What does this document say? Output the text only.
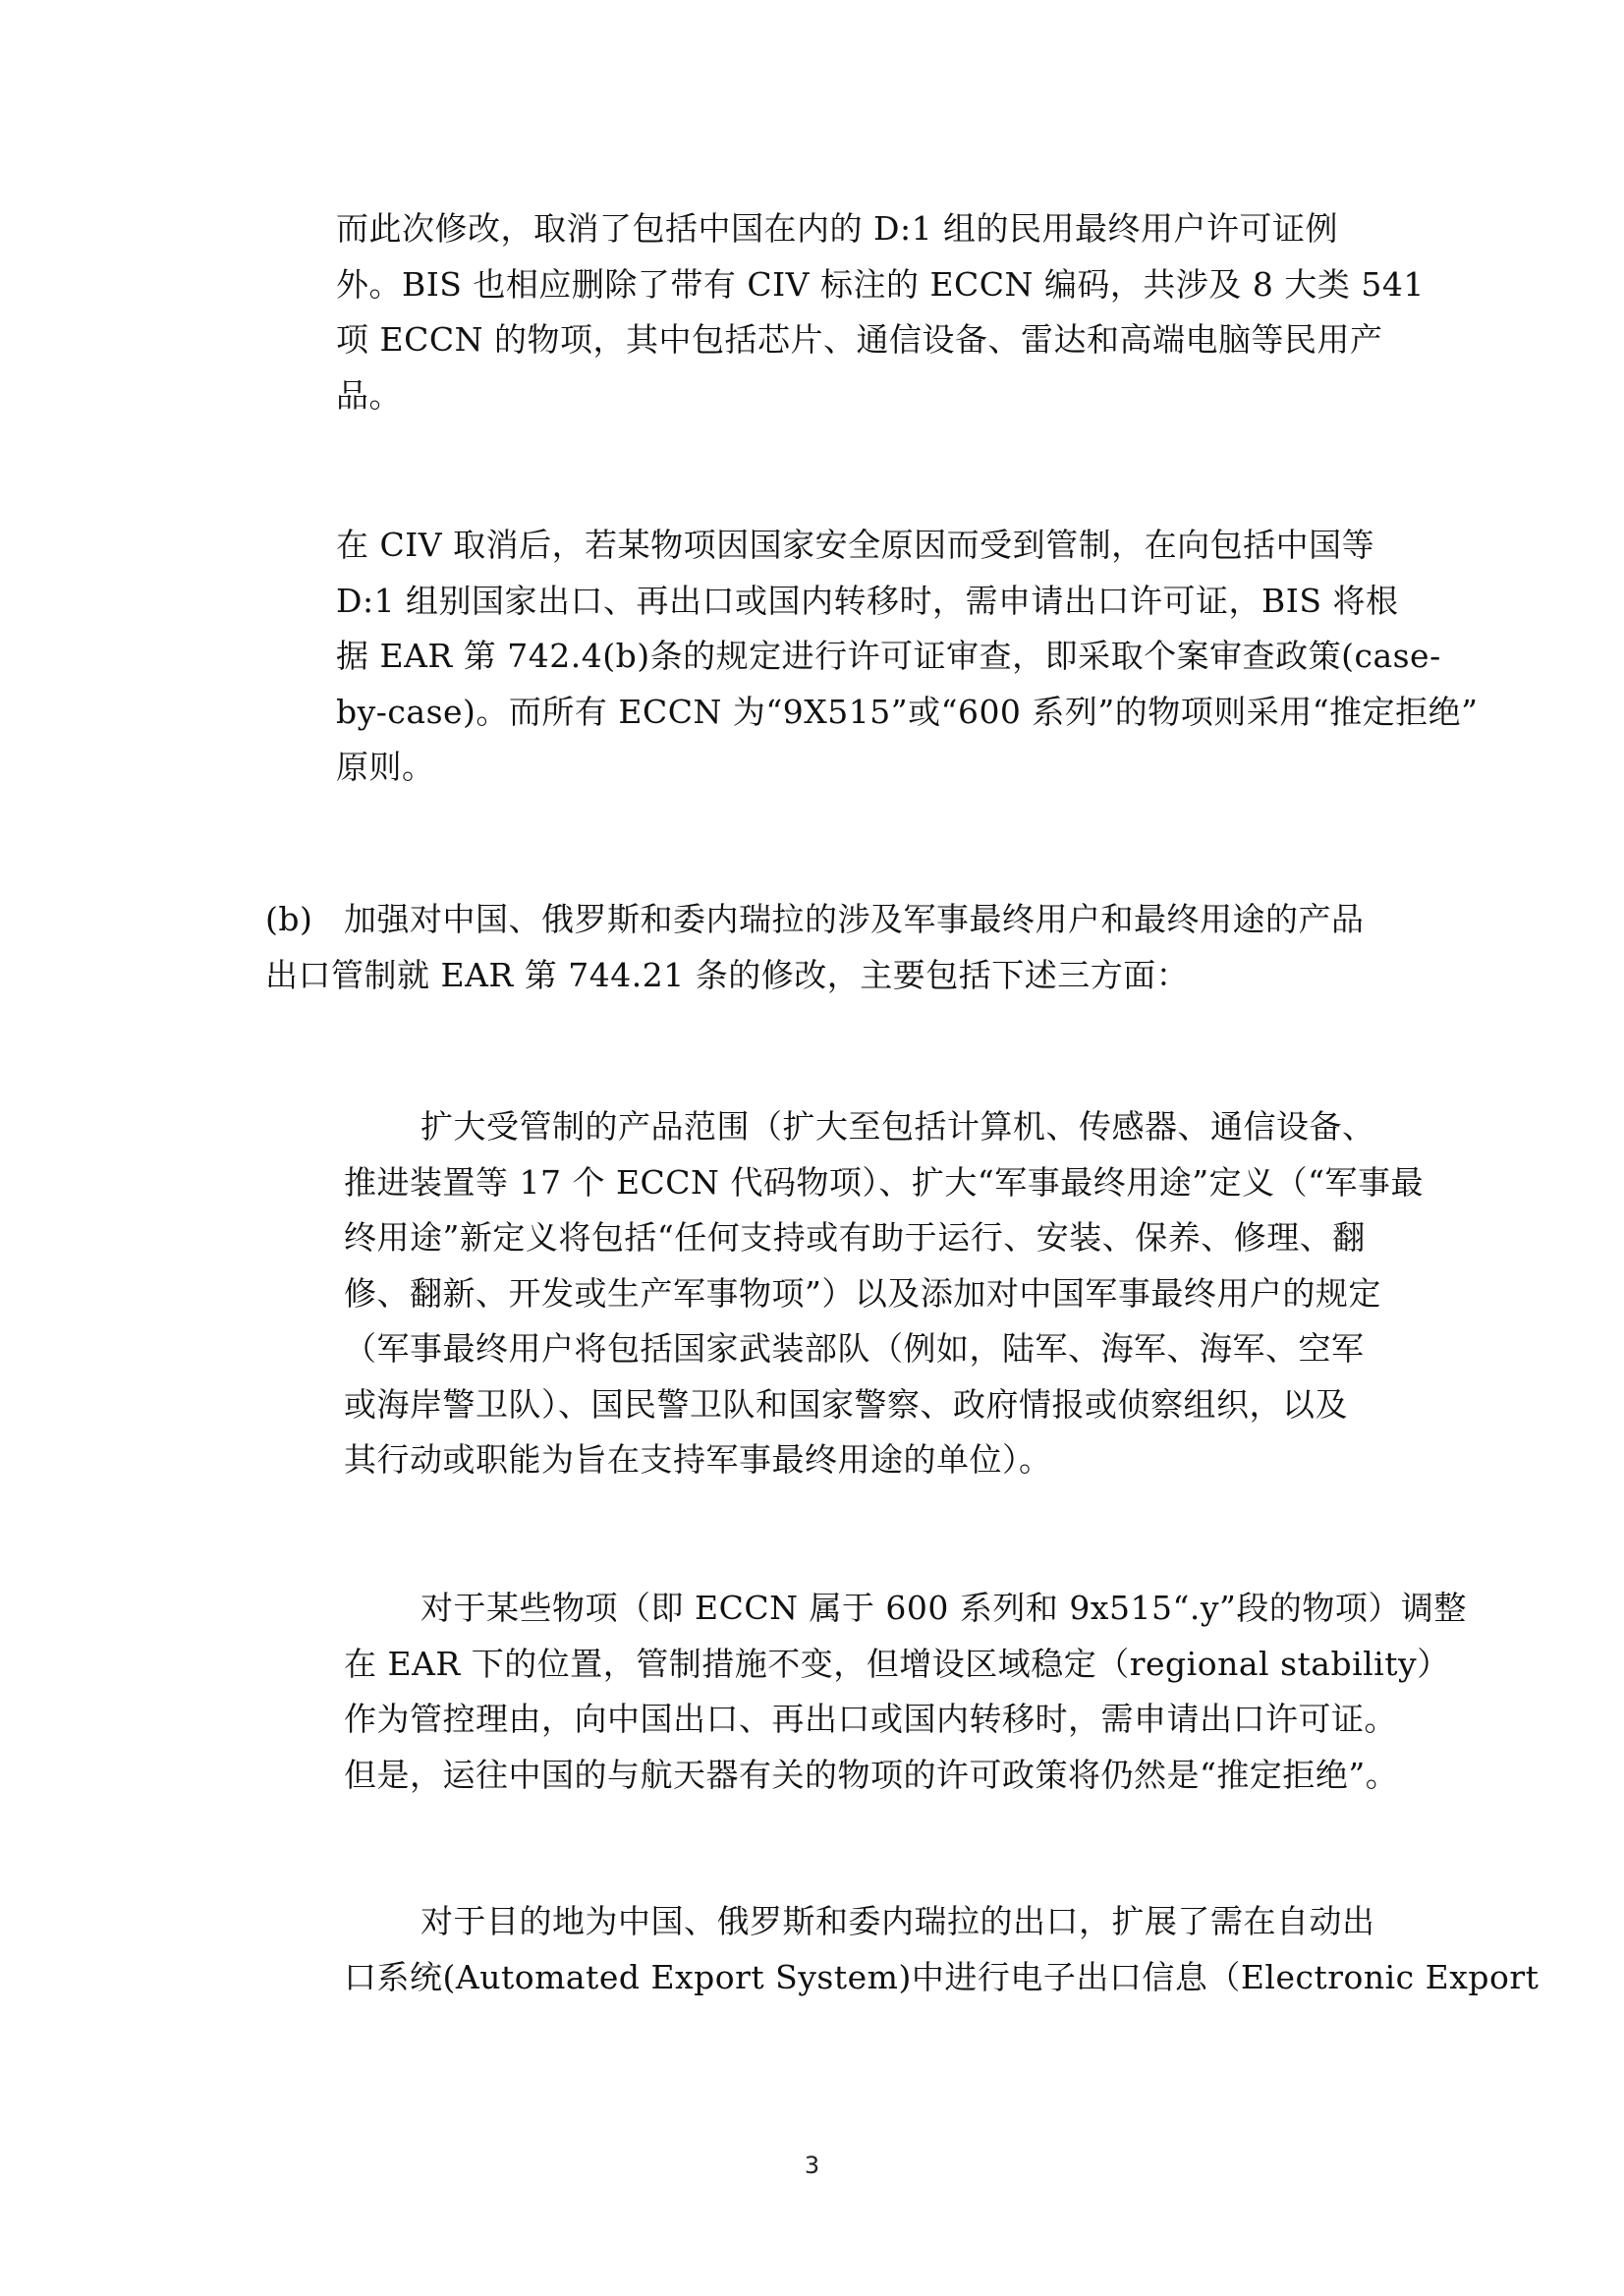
而此次修改，取消了包括中国在内的 D:1 组的民用最终用户许可证例
外。BIS 也相应删除了带有 CIV 标注的 ECCN 编码，共涉及 8 大类 541
项 ECCN 的物项，其中包括芯片、通信设备、雷达和高端电脑等民用产
品。
在 CIV 取消后，若某物项因国家安全原因而受到管制，在向包括中国等
D:1 组别国家出口、再出口或国内转移时，需申请出口许可证，BIS 将根
据 EAR 第 742.4(b)条的规定进行许可证审查，即采取个案审查政策(case-
by-case)。而所有 ECCN 为“9X515”或“600 系列”的物项则采用“推定拒绝”
原则。
(b) 加强对中国、俄罗斯和委内瑞拉的涉及军事最终用户和最终用途的产品
出口管制就 EAR 第 744.21 条的修改，主要包括下述三方面：
扩大受管制的产品范围（扩大至包括计算机、传感器、通信设备、
推进装置等 17 个 ECCN 代码物项）、扩大“军事最终用途”定义（“军事最
终用途”新定义将包括“任何支持或有助于运行、安装、保养、修理、翻
修、翻新、开发或生产军事物项”）以及添加对中国军事最终用户的规定
（军事最终用户将包括国家武装部队（例如，陆军、海军、海军、空军
或海岸警卫队）、国民警卫队和国家警察、政府情报或侦察组织，以及
其行动或职能为旨在支持军事最终用途的单位）。
对于某些物项（即 ECCN 属于 600 系列和 9x515“.y”段的物项）调整
在 EAR 下的位置，管制措施不变，但增设区域稳定（regional stability）
作为管控理由，向中国出口、再出口或国内转移时，需申请出口许可证。
但是，运往中国的与航天器有关的物项的许可政策将仍然是“推定拒绝”。
对于目的地为中国、俄罗斯和委内瑞拉的出口，扩展了需在自动出
口系统(Automated Export System)中进行电子出口信息（Electronic Export
3
